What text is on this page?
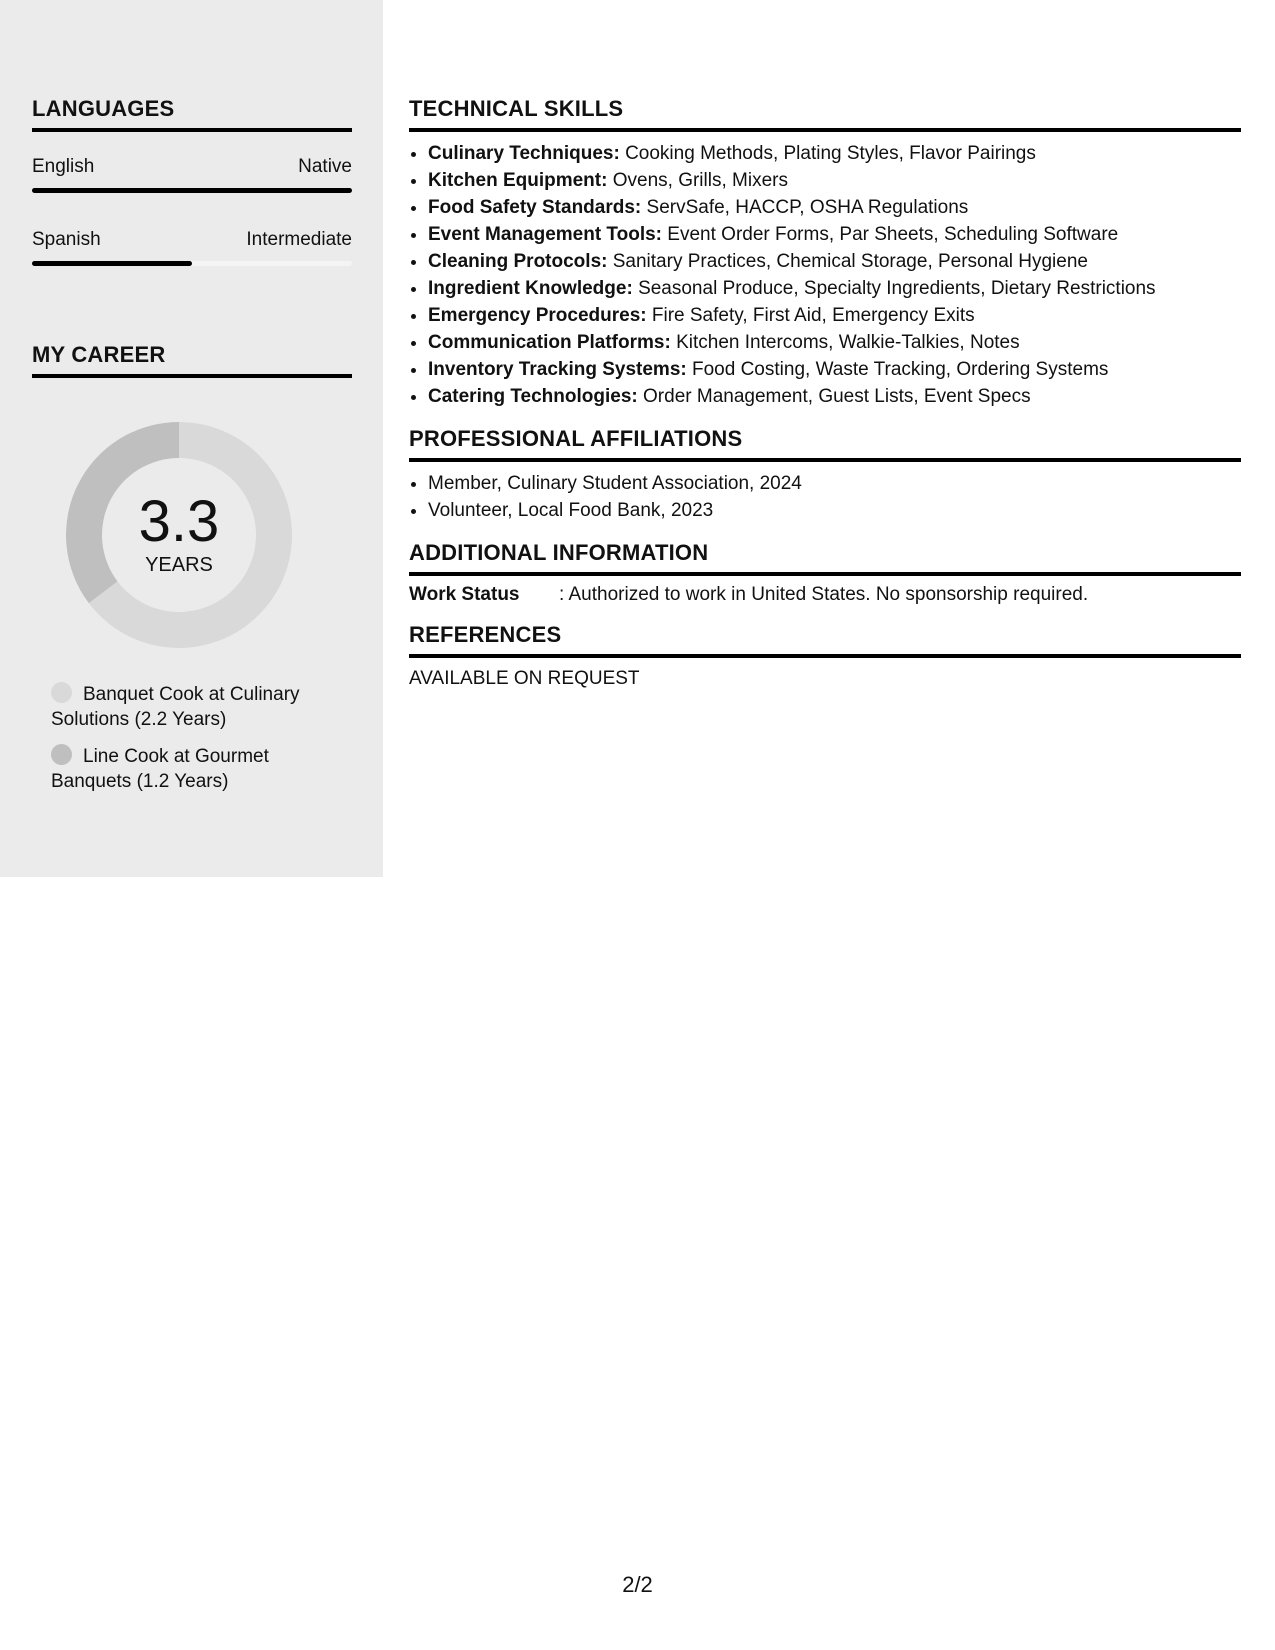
LANGUAGES
English	Native
Spanish	Intermediate
MY CAREER
3.3
YEARS
Banquet Cook at Culinary Solutions (2.2 Years)
Line Cook at Gourmet Banquets (1.2 Years)
TECHNICAL SKILLS
• Culinary Techniques: Cooking Methods, Plating Styles, Flavor Pairings
• Kitchen Equipment: Ovens, Grills, Mixers
• Food Safety Standards: ServSafe, HACCP, OSHA Regulations
• Event Management Tools: Event Order Forms, Par Sheets, Scheduling Software
• Cleaning Protocols: Sanitary Practices, Chemical Storage, Personal Hygiene
• Ingredient Knowledge: Seasonal Produce, Specialty Ingredients, Dietary Restrictions
• Emergency Procedures: Fire Safety, First Aid, Emergency Exits
• Communication Platforms: Kitchen Intercoms, Walkie-Talkies, Notes
• Inventory Tracking Systems: Food Costing, Waste Tracking, Ordering Systems
• Catering Technologies: Order Management, Guest Lists, Event Specs
PROFESSIONAL AFFILIATIONS
• Member, Culinary Student Association, 2024
• Volunteer, Local Food Bank, 2023
ADDITIONAL INFORMATION
Work Status	: Authorized to work in United States. No sponsorship required.
REFERENCES
AVAILABLE ON REQUEST
2/2
